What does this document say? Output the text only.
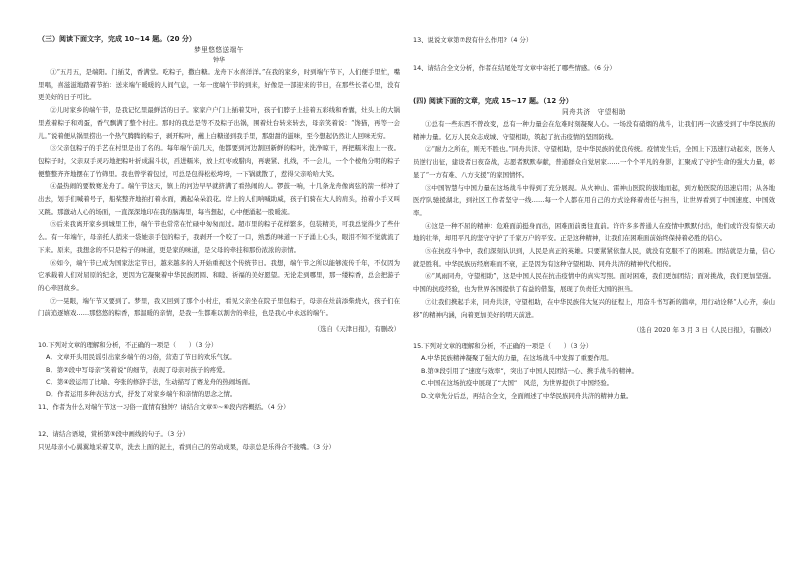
（三）阅读下面文字，完成 10~14 题。（20 分）
梦里悠悠送端午
钟华

①“五月五，是端阳。门插艾，香满堂。吃粽子，撒白糖。龙舟下水喜洋洋。”在我的家乡，时到端午节下，人们便手里忙，嘴里唱，喜滋滋地踏着节拍：送来端午暖暖的人间气息，一年一度端午节的到来，好像是一部迎来的节日，在那些长者心里，没有更美好的日子可比。

②儿时家乡的端午节，是我记忆里最鲜活的日子。家家户户门上插着艾叶，孩子们脖子上挂着五彩线和香囊，灶头上的大锅里煮着粽子和鸡蛋，香气飘满了整个村庄。那时的我总是等不及粽子出锅，围着灶台转来转去，母亲笑着说：“馋猫，再等一会儿。”说着便从锅里捞出一个热气腾腾的粽子，剥开粽叶，蘸上白糖递到我手里，那甜甜的滋味，至今想起仍然让人回味无穷。

③父亲包粽子的手艺在村里是出了名的。每年端午前几天，他都要到河边割回新鲜的粽叶，洗净晾干，再把糯米泡上一夜。包粽子时，父亲双手灵巧地把粽叶折成漏斗状，舀进糯米，放上红枣或腊肉，再裹紧、扎线，不一会儿，一个个棱角分明的粽子便整整齐齐地摆在了竹筛里。我也曾学着包过，可总是包得松松垮垮，一下锅就散了，惹得父亲哈哈大笑。

④最热闹的要数赛龙舟了。端午节这天，镇上的河边早早就挤满了看热闹的人。锣鼓一响，十几条龙舟像离弦的箭一样冲了出去，划手们喊着号子，船桨整齐地拍打着水面，溅起朵朵浪花。岸上的人们呐喊助威，孩子们骑在大人的肩头，拍着小手又叫又跳。那激动人心的场面，一直深深地印在我的脑海里，每当想起，心中便涌起一股暖流。

⑤后来我离开家乡到城里工作，端午节也常常在忙碌中匆匆而过。超市里的粽子花样繁多，包装精美，可我总觉得少了些什么。有一年端午，母亲托人捎来一袋她亲手包的粽子，我剥开一个咬了一口，熟悉的味道一下子涌上心头，眼泪不知不觉就流了下来。原来，我想念的不只是粽子的味道，更是家的味道，是父母的牵挂和那份浓浓的亲情。

⑥如今，端午节已成为国家法定节日，越来越多的人开始重视这个传统节日。我想，端午节之所以能够流传千年，不仅因为它承载着人们对屈原的纪念，更因为它凝聚着中华民族团圆、和睦、祈福的美好愿望。无论走到哪里，那一缕粽香，总会把游子的心牵回故乡。

⑦一晃眼，端午节又要到了。梦里，我又回到了那个小村庄，看见父亲坐在院子里包粽子，母亲在灶前添柴烧火，孩子们在门前追逐嬉戏……那悠悠的粽香，那温暖的亲情，是我一生都难以割舍的牵挂，也是我心中永远的端午。

（选自《天津日报》，有删改）
10.下列对文章的理解和分析，不正确的一项是（　　）（3 分）
A．文章开头用民谣引出家乡端午的习俗，营造了节日的欢乐气氛。
B．第②段中写母亲“笑着说”的细节，表现了母亲对孩子的疼爱。
C．第④段运用了比喻、夸张的修辞手法，生动描写了赛龙舟的热闹场面。
D．作者运用多种表达方式，抒发了对家乡端午和亲情的思念之情。
11、作者为什么对端午节这一习俗一直情有独钟？请结合文章①~⑥段内容概括。（4 分）
12、请结合语境，赏析第⑤段中画线的句子。（3 分）
只见母亲小心翼翼地采着艾草，洗去上面的泥土，看到自己的劳动成果，母亲总是乐得合不拢嘴。（3 分）
13、说说文章第⑦段有什么作用?（4 分）
14、请结合全文分析，作者在结尾处写文章中寄托了哪些情感。（6 分）
(四) 阅读下面的文章，完成 15~17 题。（12 分）
同舟共济　守望相助

①总有一些东西不曾改变，总有一种力量会在危难时刻凝聚人心。一场没有硝烟的战斗，让我们再一次感受到了中华民族的精神力量。亿万人民众志成城、守望相助，筑起了抗击疫情的坚固防线。

②“耐力之所在，则无不胜也。”同舟共济、守望相助，是中华民族的优良传统。疫情发生后，全国上下迅速行动起来，医务人员逆行出征，建设者日夜奋战，志愿者默默奉献，普通群众自觉居家……一个个平凡的身影，汇聚成了守护生命的强大力量，彰显了“一方有难、八方支援”的家国情怀。

③中国智慧与中国力量在这场战斗中得到了充分展现。从火神山、雷神山医院的拔地而起，到方舱医院的迅速启用；从各地医疗队驰援湖北，到社区工作者坚守一线……每一个人都在用自己的方式诠释着责任与担当，让世界看到了中国速度、中国效率。

④这是一种不屈的精神：危难面前挺身而出，困难面前勇往直前。许许多多普通人在疫情中默默付出，他们或许没有惊天动地的壮举，却用平凡的坚守守护了千家万户的平安。正是这种精神，让我们在困难面前始终保持着必胜的信心。

⑤在抗疫斗争中，我们深刻认识到，人民是真正的英雄。只要紧紧依靠人民，就没有克服不了的困难。团结就是力量，信心就是胜利。中华民族历经磨难而不衰，正是因为有这种守望相助、同舟共济的精神代代相传。

⑥“风雨同舟，守望相助”，这是中国人民在抗击疫情中的真实写照。面对困难，我们更加团结；面对挑战，我们更加坚强。中国的抗疫经验，也为世界各国提供了有益的借鉴，展现了负责任大国的担当。

⑦让我们携起手来，同舟共济，守望相助，在中华民族伟大复兴的征程上，用奋斗书写新的篇章，用行动诠释“人心齐，泰山移”的精神内涵，向着更加美好的明天前进。

（选自 2020 年 3 月 3 日《人民日报》，有删改）
15.下列对文章的理解和分析，不正确的一项是（　　）（3 分）
A.中华民族精神凝聚了强大的力量，在这场战斗中发挥了重要作用。
B.第③段引用了“速度与效率”，突出了中国人民团结一心、携手战斗的精神。
C.中国在这场抗疫中展现了“大国”　风范，为世界提供了中国经验。
D.文章先分后总，再结合全文，全面阐述了中华民族同舟共济的精神力量。
